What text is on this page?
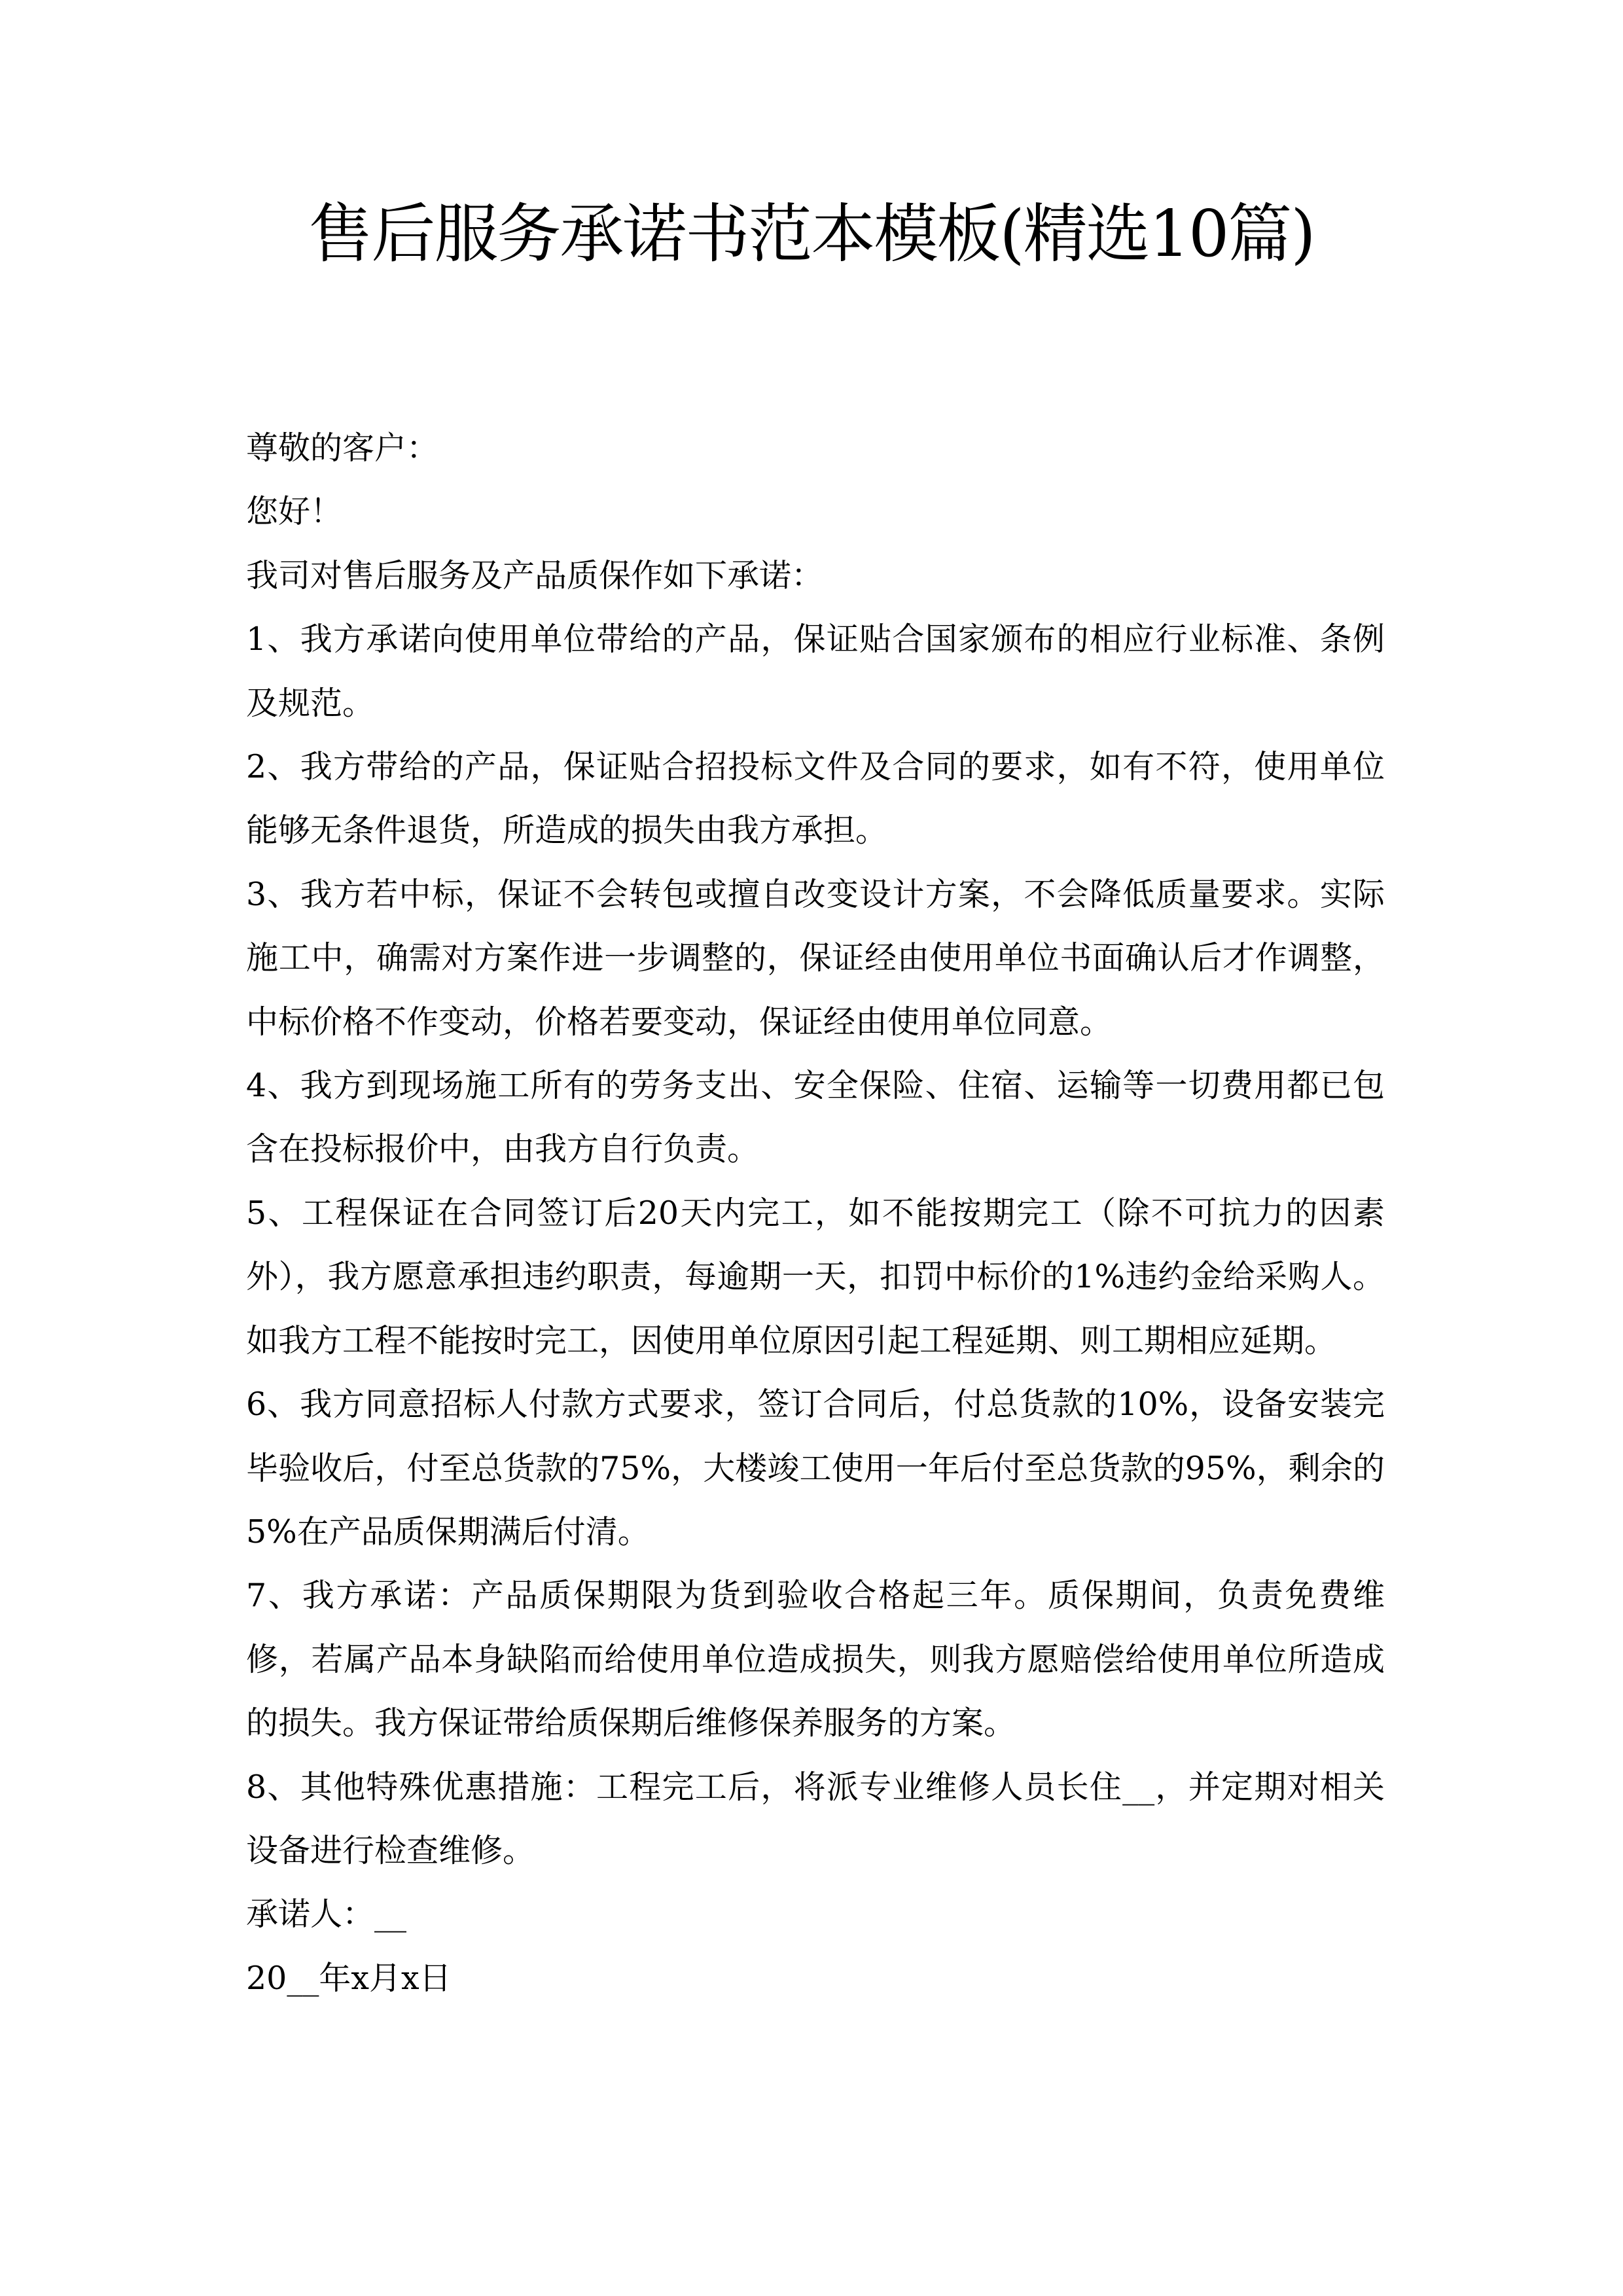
售后服务承诺书范本模板(精选10篇)

尊敬的客户：

您好！

我司对售后服务及产品质保作如下承诺：

1、我方承诺向使用单位带给的产品，保证贴合国家颁布的相应行业标准、条例及规范。

2、我方带给的产品，保证贴合招投标文件及合同的要求，如有不符，使用单位能够无条件退货，所造成的损失由我方承担。

3、我方若中标，保证不会转包或擅自改变设计方案，不会降低质量要求。实际施工中，确需对方案作进一步调整的，保证经由使用单位书面确认后才作调整，中标价格不作变动，价格若要变动，保证经由使用单位同意。

4、我方到现场施工所有的劳务支出、安全保险、住宿、运输等一切费用都已包含在投标报价中，由我方自行负责。

5、工程保证在合同签订后20天内完工，如不能按期完工（除不可抗力的因素外），我方愿意承担违约职责，每逾期一天，扣罚中标价的1%违约金给采购人。如我方工程不能按时完工，因使用单位原因引起工程延期、则工期相应延期。

6、我方同意招标人付款方式要求，签订合同后，付总货款的10%，设备安装完毕验收后，付至总货款的75%，大楼竣工使用一年后付至总货款的95%，剩余的5%在产品质保期满后付清。

7、我方承诺：产品质保期限为货到验收合格起三年。质保期间，负责免费维修，若属产品本身缺陷而给使用单位造成损失，则我方愿赔偿给使用单位所造成的损失。我方保证带给质保期后维修保养服务的方案。

8、其他特殊优惠措施：工程完工后，将派专业维修人员长住__，并定期对相关设备进行检查维修。

承诺人：__

20__年x月x日
